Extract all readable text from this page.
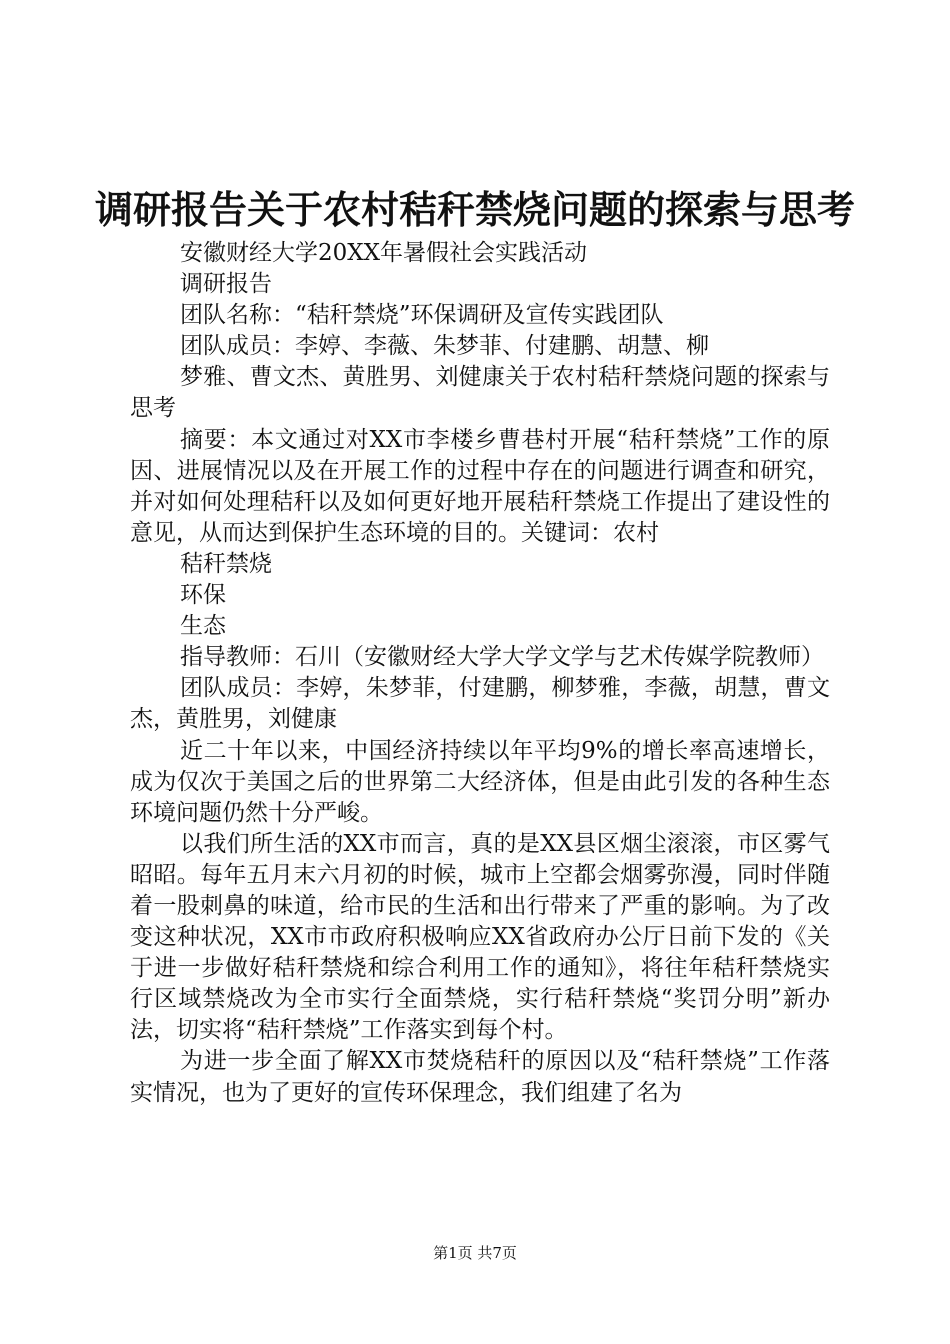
调研报告关于农村秸秆禁烧问题的探索与思考

安徽财经大学20XX年暑假社会实践活动

调研报告

团队名称：“秸秆禁烧”环保调研及宣传实践团队

团队成员：李婷、李薇、朱梦菲、付建鹏、胡慧、柳

梦雅、曹文杰、黄胜男、刘健康关于农村秸秆禁烧问题的探索与思考

摘要：本文通过对XX市李楼乡曹巷村开展“秸秆禁烧”工作的原因、进展情况以及在开展工作的过程中存在的问题进行调查和研究，并对如何处理秸秆以及如何更好地开展秸秆禁烧工作提出了建设性的意见，从而达到保护生态环境的目的。关键词：农村

秸秆禁烧

环保

生态

指导教师：石川（安徽财经大学大学文学与艺术传媒学院教师）

团队成员：李婷，朱梦菲，付建鹏，柳梦雅，李薇，胡慧，曹文杰，黄胜男，刘健康

近二十年以来，中国经济持续以年平均9%的增长率高速增长，成为仅次于美国之后的世界第二大经济体，但是由此引发的各种生态环境问题仍然十分严峻。

以我们所生活的XX市而言，真的是XX县区烟尘滚滚，市区雾气昭昭。每年五月末六月初的时候，城市上空都会烟雾弥漫，同时伴随着一股刺鼻的味道，给市民的生活和出行带来了严重的影响。为了改变这种状况，XX市市政府积极响应XX省政府办公厅日前下发的《关于进一步做好秸秆禁烧和综合利用工作的通知》，将往年秸秆禁烧实行区域禁烧改为全市实行全面禁烧，实行秸秆禁烧“奖罚分明”新办法，切实将“秸秆禁烧”工作落实到每个村。

为进一步全面了解XX市焚烧秸秆的原因以及“秸秆禁烧”工作落实情况，也为了更好的宣传环保理念，我们组建了名为

第1页 共7页
